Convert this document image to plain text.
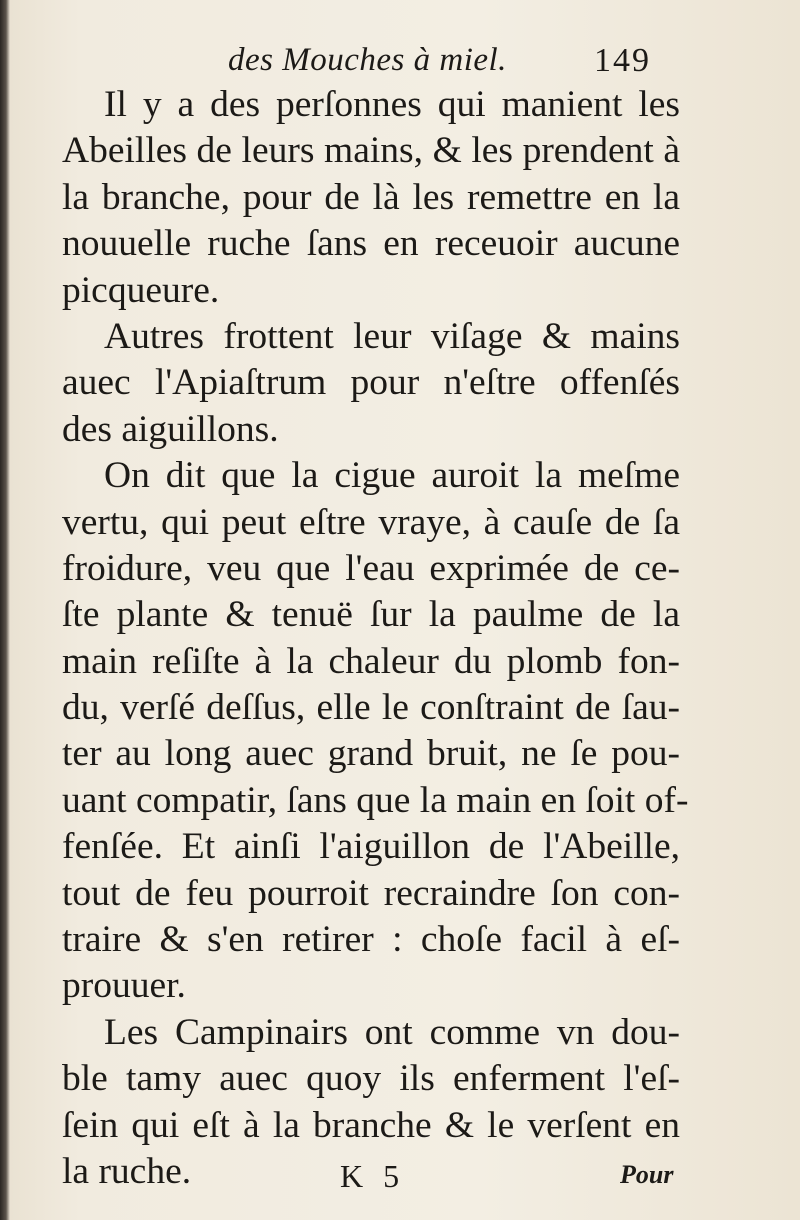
des Mouches à miel.	149
Il y a des perſonnes qui manient les
Abeilles de leurs mains, & les prendent à
la branche, pour de là les remettre en la
nouuelle ruche ſans en receuoir aucune
picqueure.
Autres frottent leur viſage & mains
auec l'Apiaſtrum pour n'eſtre offenſés
des aiguillons.
On dit que la cigue auroit la meſme
vertu, qui peut eſtre vraye, à cauſe de ſa
froidure, veu que l'eau exprimée de ce-
ſte plante & tenuë ſur la paulme de la
main reſiſte à la chaleur du plomb fon-
du, verſé deſſus, elle le conſtraint de ſau-
ter au long auec grand bruit, ne ſe pou-
uant compatir, ſans que la main en ſoit of-
fenſée. Et ainſi l'aiguillon de l'Abeille,
tout de feu pourroit recraindre ſon con-
traire & s'en retirer : choſe facil à eſ-
prouuer.
Les Campinairs ont comme vn dou-
ble tamy auec quoy ils enferment l'eſ-
ſein qui eſt à la branche & le verſent en
la ruche.	K 5	Pour
